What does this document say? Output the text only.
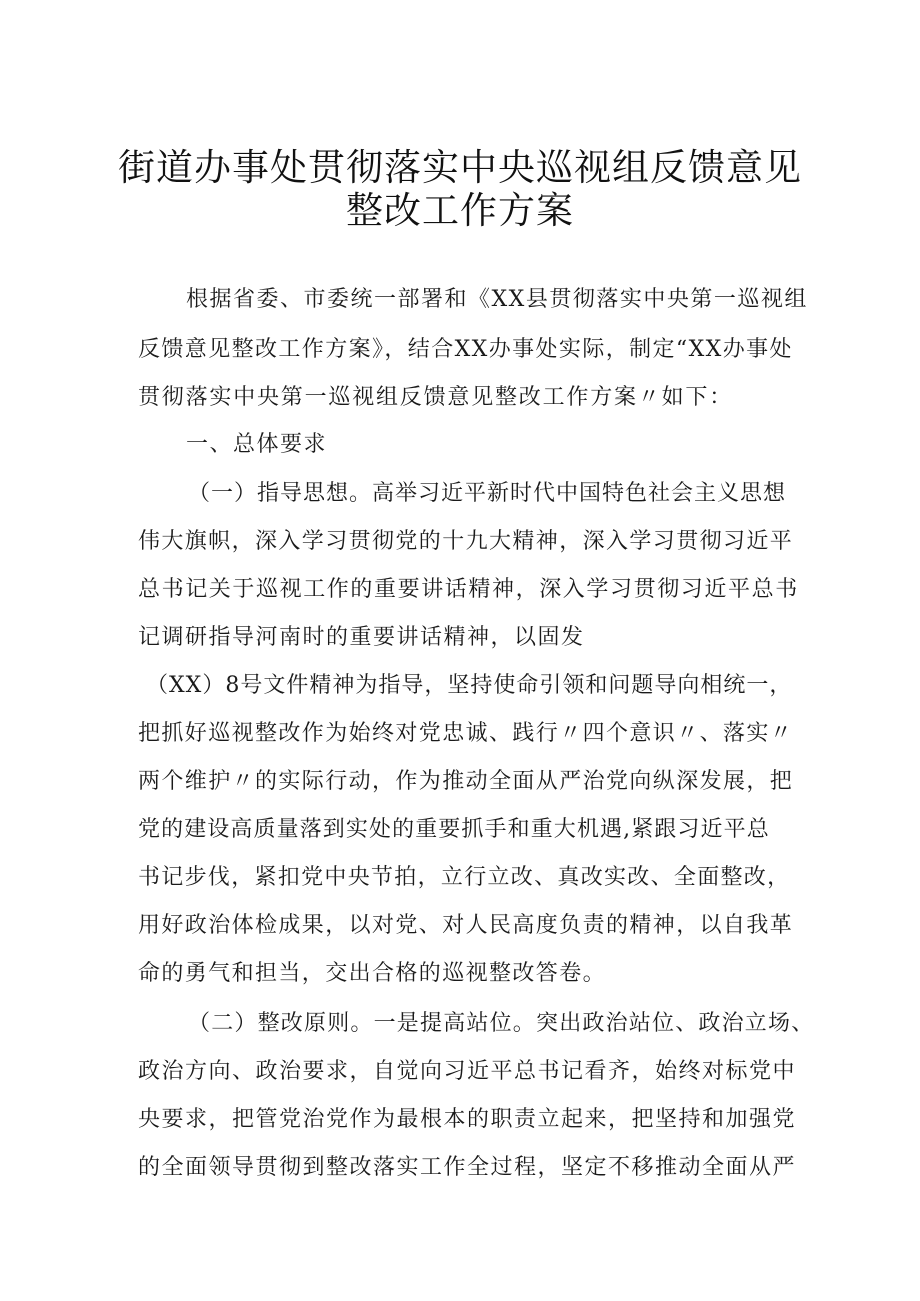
街道办事处贯彻落实中央巡视组反馈意见
整改工作方案
根据省委、市委统一部署和《XX县贯彻落实中央第一巡视组
反馈意见整改工作方案》，结合XX办事处实际，制定“XX办事处
贯彻落实中央第一巡视组反馈意见整改工作方案〃如下：
一、总体要求
（一）指导思想。高举习近平新时代中国特色社会主义思想
伟大旗帜，深入学习贯彻党的十九大精神，深入学习贯彻习近平
总书记关于巡视工作的重要讲话精神，深入学习贯彻习近平总书
记调研指导河南时的重要讲话精神，以固发
（XX）8号文件精神为指导，坚持使命引领和问题导向相统一，
把抓好巡视整改作为始终对党忠诚、践行〃四个意识〃、落实〃
两个维护〃的实际行动，作为推动全面从严治党向纵深发展，把
党的建设高质量落到实处的重要抓手和重大机遇,紧跟习近平总
书记步伐，紧扣党中央节拍，立行立改、真改实改、全面整改，
用好政治体检成果，以对党、对人民高度负责的精神，以自我革
命的勇气和担当，交出合格的巡视整改答卷。
（二）整改原则。一是提高站位。突出政治站位、政治立场、
政治方向、政治要求，自觉向习近平总书记看齐，始终对标党中
央要求，把管党治党作为最根本的职责立起来，把坚持和加强党
的全面领导贯彻到整改落实工作全过程，坚定不移推动全面从严
